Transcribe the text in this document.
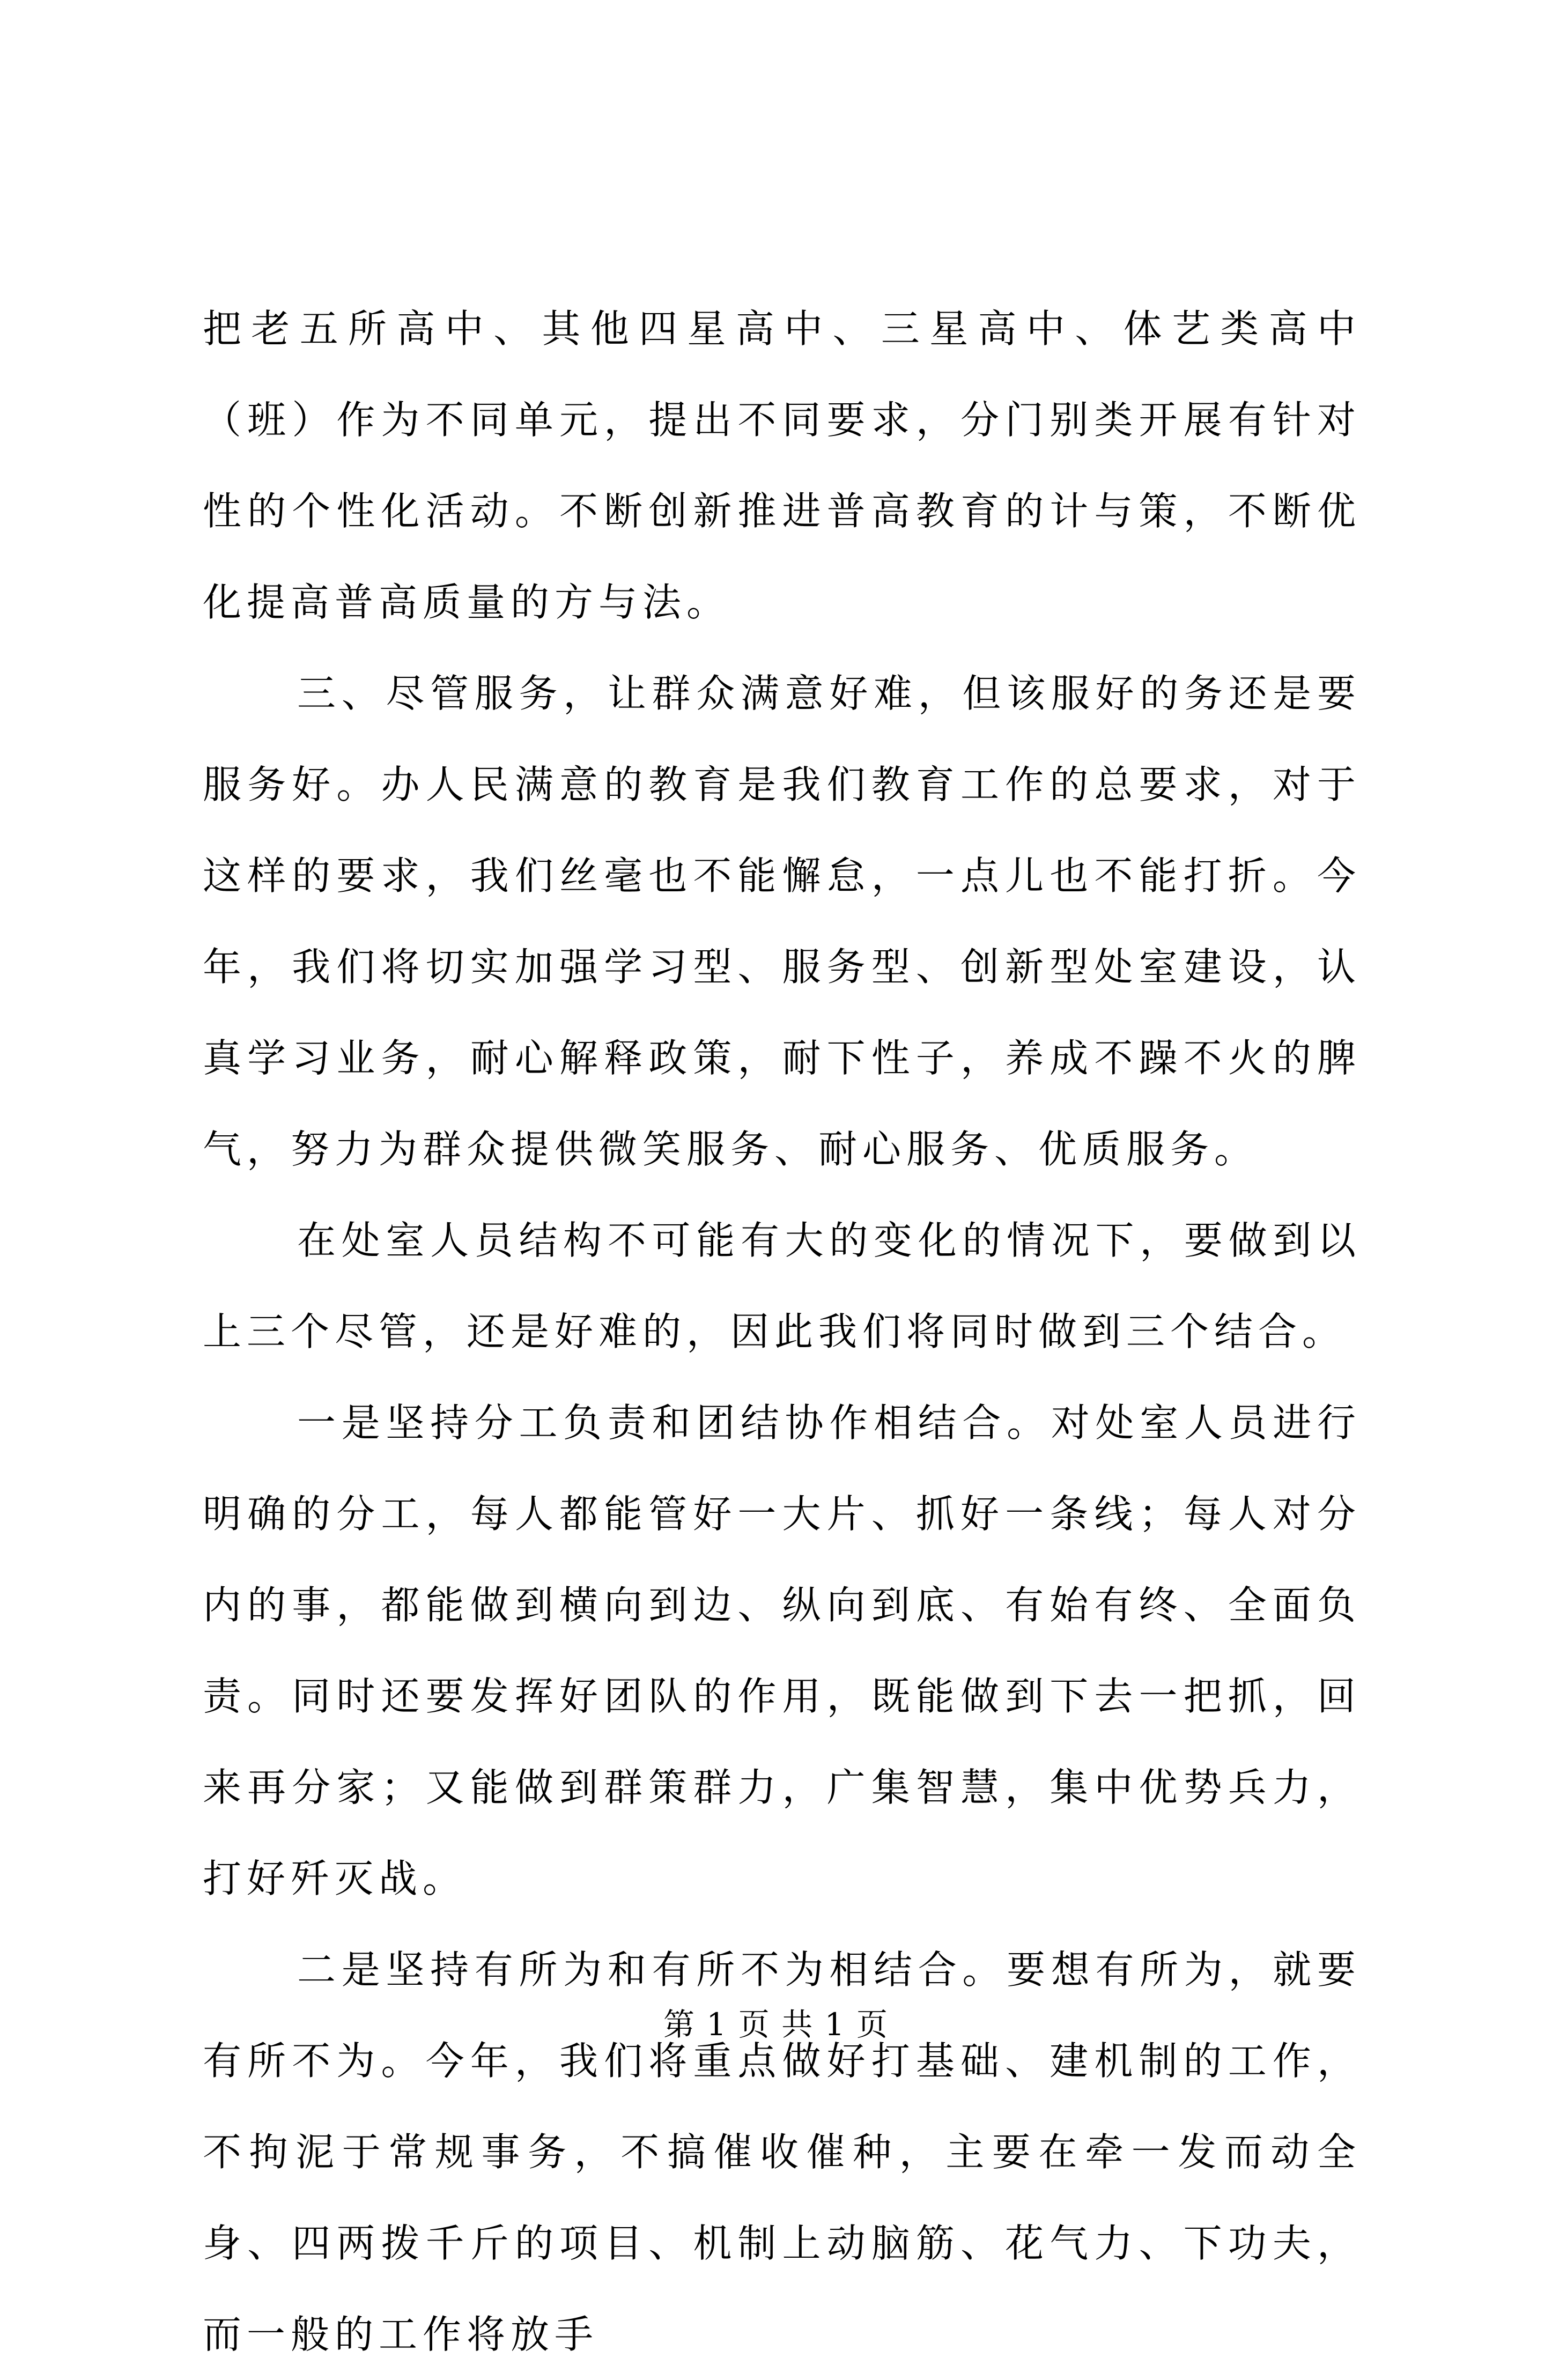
把老五所高中、其他四星高中、三星高中、体艺类高中（班）作为不同单元，提出不同要求，分门别类开展有针对性的个性化活动。不断创新推进普高教育的计与策，不断优化提高普高质量的方与法。

三、尽管服务，让群众满意好难，但该服好的务还是要服务好。办人民满意的教育是我们教育工作的总要求，对于这样的要求，我们丝毫也不能懈怠，一点儿也不能打折。今年，我们将切实加强学习型、服务型、创新型处室建设，认真学习业务，耐心解释政策，耐下性子，养成不躁不火的脾气，努力为群众提供微笑服务、耐心服务、优质服务。

在处室人员结构不可能有大的变化的情况下，要做到以上三个尽管，还是好难的，因此我们将同时做到三个结合。

一是坚持分工负责和团结协作相结合。对处室人员进行明确的分工，每人都能管好一大片、抓好一条线；每人对分内的事，都能做到横向到边、纵向到底、有始有终、全面负责。同时还要发挥好团队的作用，既能做到下去一把抓，回来再分家；又能做到群策群力，广集智慧，集中优势兵力，打好歼灭战。

二是坚持有所为和有所不为相结合。要想有所为，就要有所不为。今年，我们将重点做好打基础、建机制的工作，不拘泥于常规事务，不搞催收催种，主要在牵一发而动全身、四两拨千斤的项目、机制上动脑筋、花气力、下功夫，而一般的工作将放手

第 1 页 共 1 页
